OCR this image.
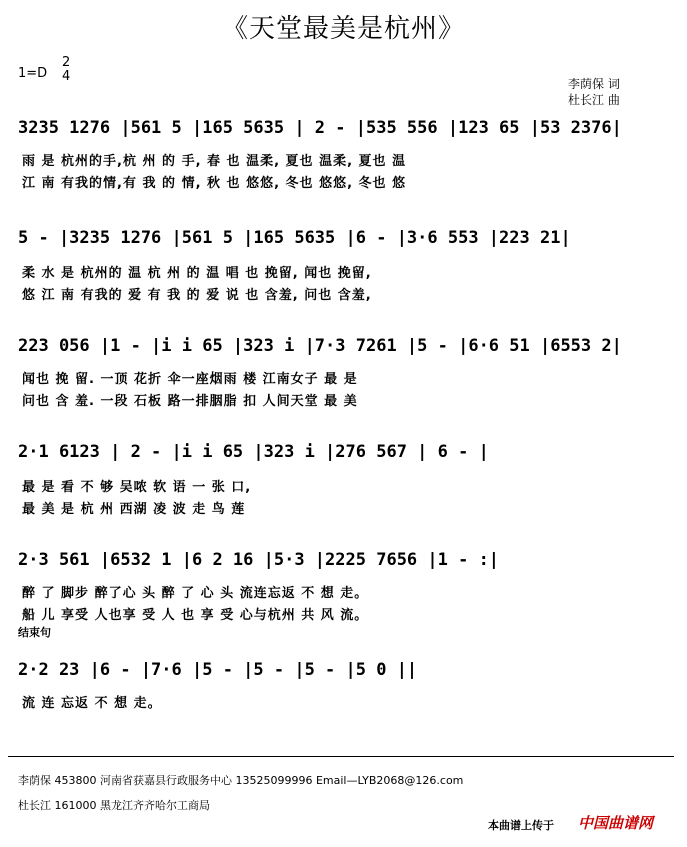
《天堂最美是杭州》
1=D
2
4	李荫保 词
杜长江 曲
3235 1276 |561 5 |165 5635 | 2 - |535 556 |123 65 |53 2376|
雨 是 杭州的手,杭 州 的 手, 春 也 温柔, 夏也 温柔, 夏也 温
江 南 有我的情,有 我 的 情, 秋 也 悠悠, 冬也 悠悠, 冬也 悠
5 - |3235 1276 |561 5 |165 5635 |6 - |3·6 553 |223 21|
柔 水 是 杭州的 温 杭 州 的 温 唱 也 挽留, 闻也 挽留,
悠 江 南 有我的 爱 有 我 的 爱 说 也 含羞, 问也 含羞,
223 056 |1 - |i i 65 |323 i |7·3 7261 |5 - |6·6 51 |6553 2|
闻也 挽 留. 一顶 花折 伞一座烟雨 楼 江南女子 最 是
问也 含 羞. 一段 石板 路一排胭脂 扣 人间天堂 最 美
2·1 6123 | 2 - |i i 65 |323 i |276 567 | 6 - |
最 是 看 不 够 吴哝 软 语 一 张 口,
最 美 是 杭 州 西湖 凌 波 走 鸟 莲
2·3 561 |6532 1 |6 2 16 |5·3 |2225 7656 |1 - :|
醉 了 脚步 醉了心 头 醉 了 心 头 流连忘返 不 想 走。
船 儿 享受 人也享 受 人 也 享 受 心与杭州 共 风 流。
结束句
2·2 23 |6 - |7·6 |5 - |5 - |5 - |5 0 ||
流 连 忘返 不 想 走。
李荫保 453800 河南省获嘉县行政服务中心 13525099996 Email—LYB2068@126.com
杜长江 161000 黑龙江齐齐哈尔工商局
本曲谱上传于 中国曲谱网
